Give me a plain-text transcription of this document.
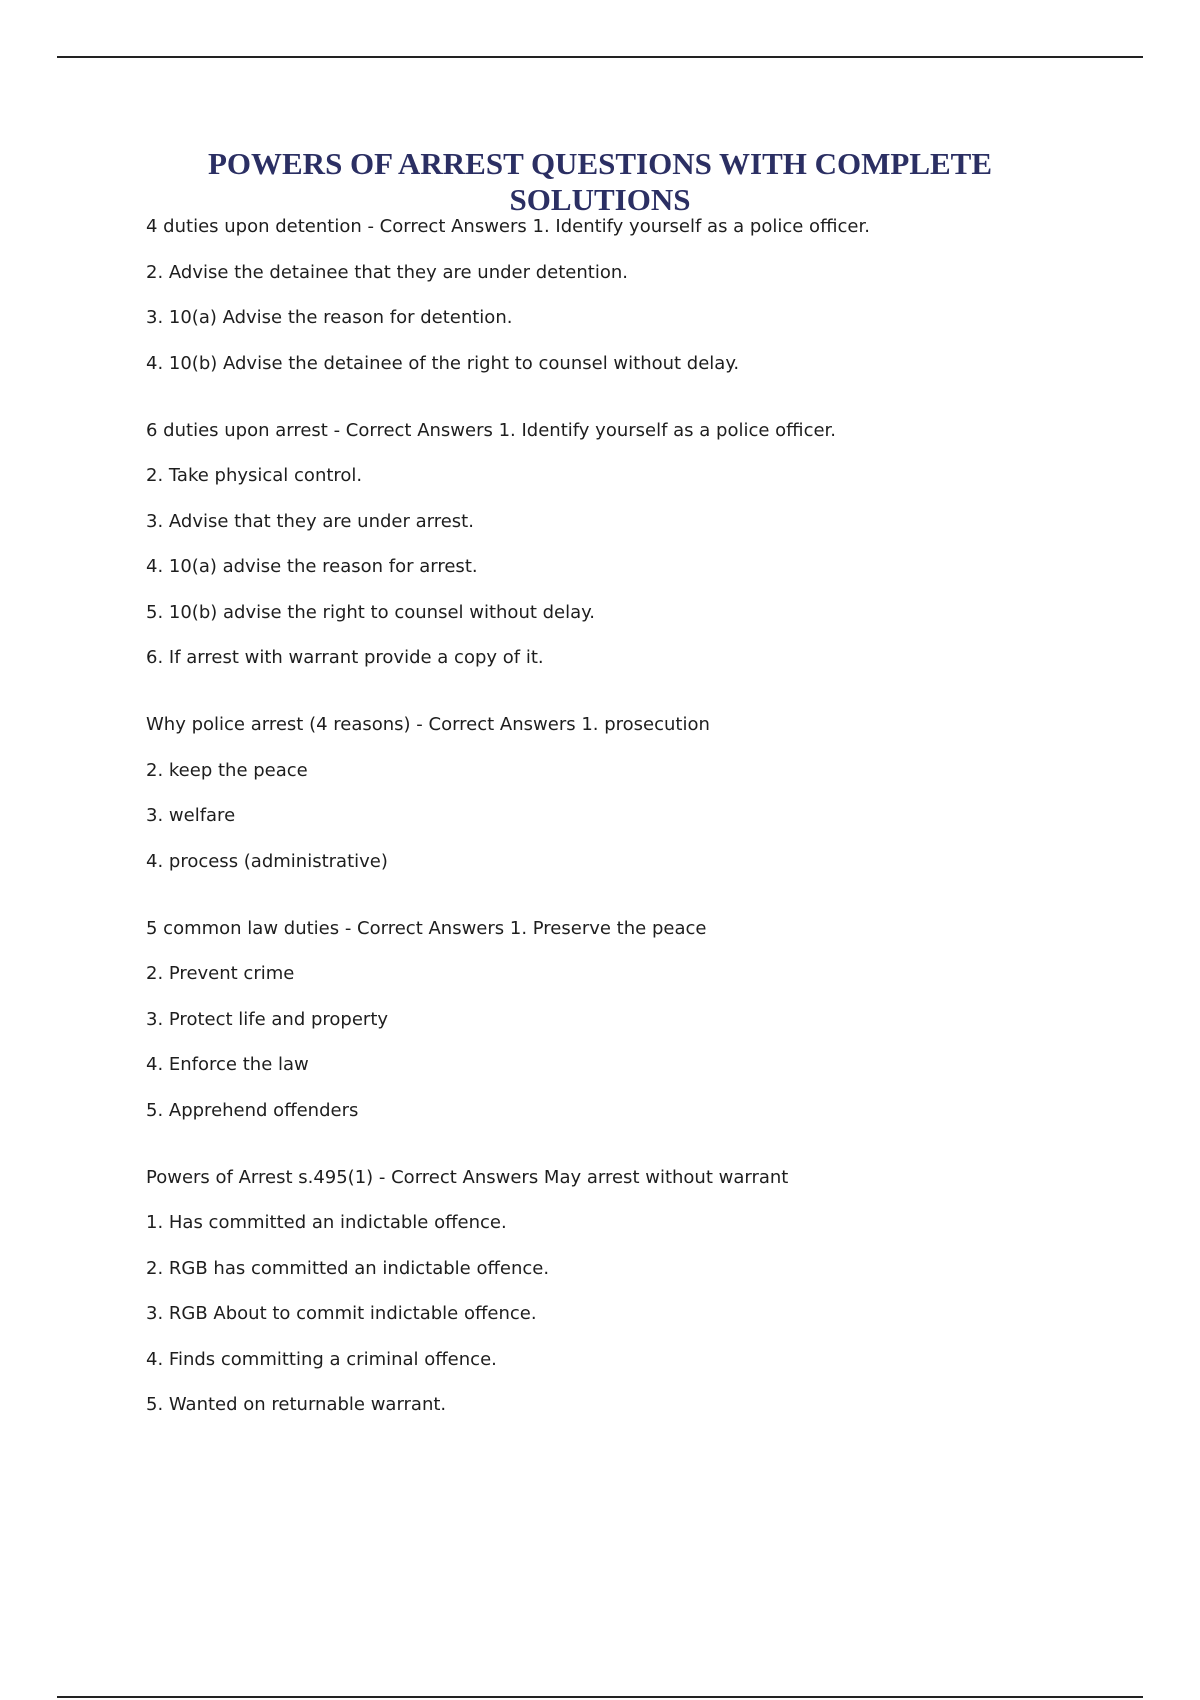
POWERS OF ARREST QUESTIONS WITH COMPLETE SOLUTIONS
4 duties upon detention - Correct Answers 1. Identify yourself as a police officer.
2. Advise the detainee that they are under detention.
3. 10(a) Advise the reason for detention.
4. 10(b) Advise the detainee of the right to counsel without delay.
6 duties upon arrest - Correct Answers 1. Identify yourself as a police officer.
2. Take physical control.
3. Advise that they are under arrest.
4. 10(a) advise the reason for arrest.
5. 10(b) advise the right to counsel without delay.
6. If arrest with warrant provide a copy of it.
Why police arrest (4 reasons) - Correct Answers 1. prosecution
2. keep the peace
3. welfare
4. process (administrative)
5 common law duties - Correct Answers 1. Preserve the peace
2. Prevent crime
3. Protect life and property
4. Enforce the law
5. Apprehend offenders
Powers of Arrest s.495(1) - Correct Answers May arrest without warrant
1. Has committed an indictable offence.
2. RGB has committed an indictable offence.
3. RGB About to commit indictable offence.
4. Finds committing a criminal offence.
5. Wanted on returnable warrant.
